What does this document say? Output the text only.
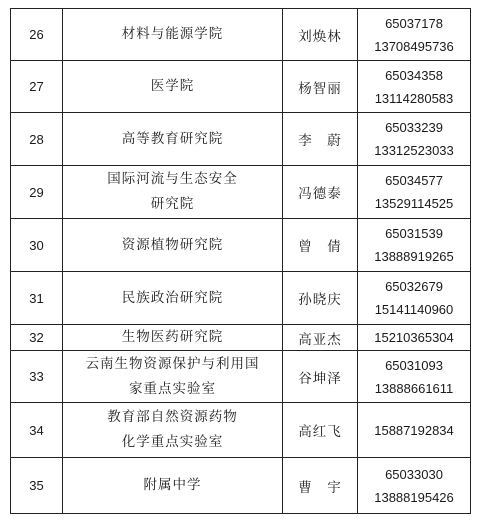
26	材料与能源学院	刘焕林	65037178
13708495736

27	医学院	杨智丽	65034358
13114280583

28	高等教育研究院	李　蔚	65033239
13312523033

29	国际河流与生态安全
研究院	冯德泰	65034577
13529114525

30	资源植物研究院	曾　倩	65031539
13888919265

31	民族政治研究院	孙晓庆	65032679
15141140960

32	生物医药研究院	高亚杰	15210365304

33	云南生物资源保护与利用国
家重点实验室	谷坤泽	65031093
13888661611

34	教育部自然资源药物
化学重点实验室	高红飞	15887192834

35	附属中学	曹　宇	65033030
13888195426
